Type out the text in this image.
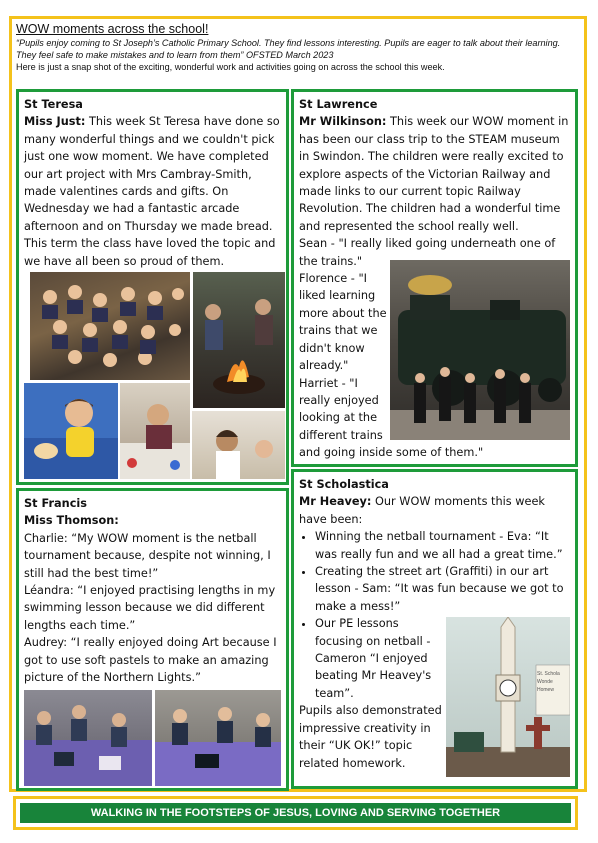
WOW moments across the school!
“Pupils enjoy coming to St Joseph’s Catholic Primary School. They find lessons interesting. Pupils are eager to talk about their learning. They feel safe to make mistakes and to learn from them” OFSTED March 2023
Here is just a snap shot of the exciting, wonderful work and activities going on across the school this week.

St Teresa

Miss Just: This week St Teresa have done so many wonderful things and we couldn't pick just one wow moment. We have completed our art project with Mrs Cambray-Smith, made valentines cards and gifts. On Wednesday we had a fantastic arcade afternoon and on Thursday we made bread. This term the class have loved the topic and we have all been so proud of them.

St Lawrence

Mr Wilkinson: This week our WOW moment in has been our class trip to the STEAM museum in Swindon. The children were really excited to explore aspects of the Victorian Railway and made links to our current topic Railway Revolution. The children had a wonderful time and represented the school really well.

Sean - "I really liked going underneath one of the trains."

Florence - "I liked learning more about the trains that we didn't know already."

Harriet - "I really enjoyed looking at the different trains

and going inside some of them."

St Francis

Miss Thomson:

Charlie: “My WOW moment is the netball tournament because, despite not winning, I still had the best time!”

Léandra: “I enjoyed practising lengths in my swimming lesson because we did different lengths each time.”

Audrey: “I really enjoyed doing Art because I got to use soft pastels to make an amazing picture of the Northern Lights.”

St Scholastica

Mr Heavey: Our WOW moments this week have been:

• Winning the netball tournament - Eva: “It was really fun and we all had a great time.”
• Creating the street art (Graffiti) in our art lesson - Sam: “It was fun because we got to make a mess!”
• Our PE lessons focusing on netball - Cameron “I enjoyed beating Mr Heavey's team”.

Pupils also demonstrated impressive creativity in their “UK OK!” topic related homework.

St. Schola Wonde Homew
WALKING IN THE FOOTSTEPS OF JESUS, LOVING AND SERVING TOGETHER
